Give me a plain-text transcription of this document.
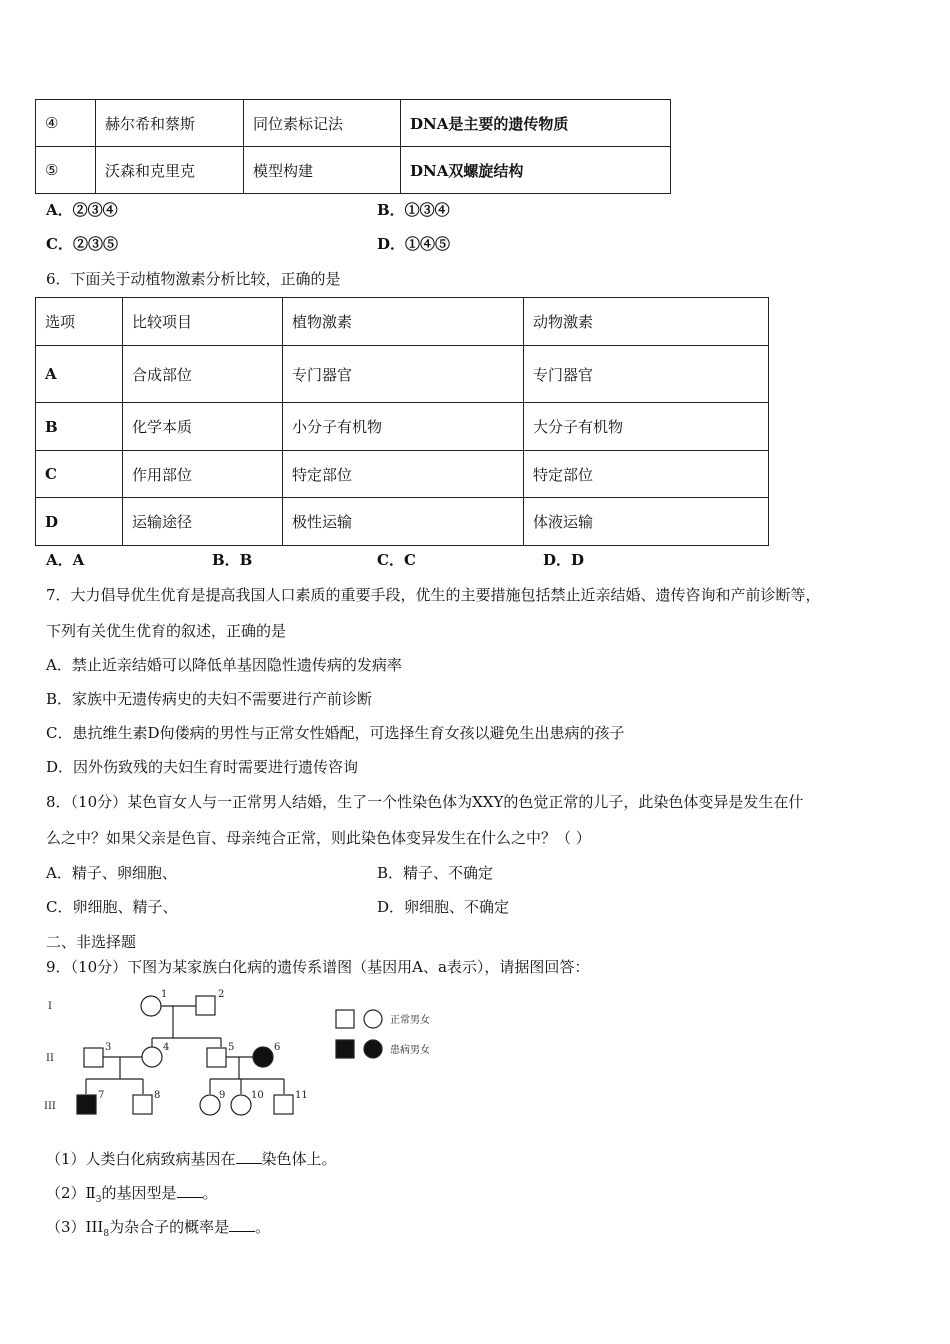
④	赫尔希和蔡斯	同位素标记法	DNA是主要的遗传物质
⑤	沃森和克里克	模型构建	DNA双螺旋结构
A．②③④	B．①③④
C．②③⑤	D．①④⑤
6．下面关于动植物激素分析比较，正确的是
选项	比较项目	植物激素	动物激素
A	合成部位	专门器官	专门器官
B	化学本质	小分子有机物	大分子有机物
C	作用部位	特定部位	特定部位
D	运输途径	极性运输	体液运输
A．A	B．B	C．C	D．D
7．大力倡导优生优育是提高我国人口素质的重要手段，优生的主要措施包括禁止近亲结婚、遗传咨询和产前诊断等，
下列有关优生优育的叙述，正确的是
A．禁止近亲结婚可以降低单基因隐性遗传病的发病率
B．家族中无遗传病史的夫妇不需要进行产前诊断
C．患抗维生素D佝偻病的男性与正常女性婚配，可选择生育女孩以避免生出患病的孩子
D．因外伤致残的夫妇生育时需要进行遗传咨询
8．（10分）某色盲女人与一正常男人结婚，生了一个性染色体为XXY的色觉正常的儿子，此染色体变异是发生在什
么之中？如果父亲是色盲、母亲纯合正常，则此染色体变异发生在什么之中？（ ）
A．精子、卵细胞、	B．精子、不确定
C．卵细胞、精子、	D．卵细胞、不确定
二、非选择题
9．（10分）下图为某家族白化病的遗传系谱图（基因用A、a表示），请据图回答：
I
II
III
1	2
3	4	5	6
7	8	9	10	11
正常男女
患病男女
（1）人类白化病致病基因在 染色体上。
$(2)Ⅱ_3$的基因型是 。
$(3)III_8$为杂合子的概率是 。
